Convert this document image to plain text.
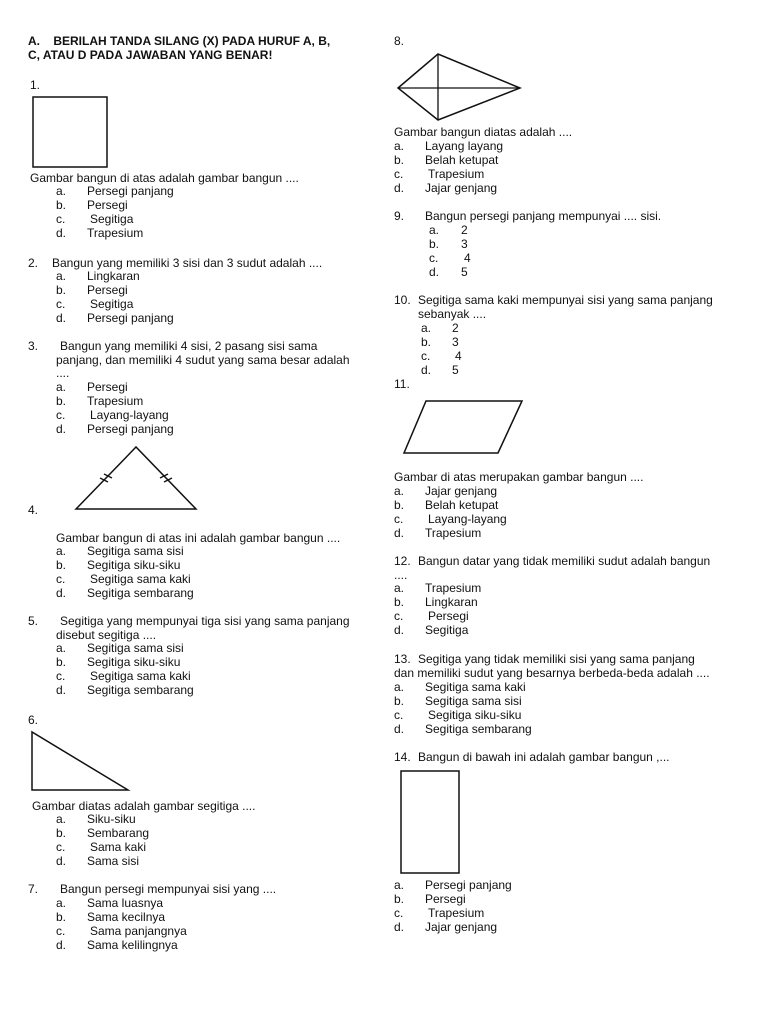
A.    BERILAH TANDA SILANG (X) PADA HURUF A, B,
C, ATAU D PADA JAWABAN YANG BENAR!
1.
Gambar bangun di atas adalah gambar bangun ....
a. Persegi panjang
b. Persegi
c. Segitiga
d. Trapesium
2. Bangun yang memiliki 3 sisi dan 3 sudut adalah ....
a. Lingkaran
b. Persegi
c. Segitiga
d. Persegi panjang
3. Bangun yang memiliki 4 sisi, 2 pasang sisi sama
panjang, dan memiliki 4 sudut yang sama besar adalah
....
a. Persegi
b. Trapesium
c. Layang-layang
d. Persegi panjang
4.
Gambar bangun di atas ini adalah gambar bangun ....
a. Segitiga sama sisi
b. Segitiga siku-siku
c. Segitiga sama kaki
d. Segitiga sembarang
5. Segitiga yang mempunyai tiga sisi yang sama panjang
disebut segitiga ....
a. Segitiga sama sisi
b. Segitiga siku-siku
c. Segitiga sama kaki
d. Segitiga sembarang
6.
Gambar diatas adalah gambar segitiga ....
a. Siku-siku
b. Sembarang
c. Sama kaki
d. Sama sisi
7. Bangun persegi mempunyai sisi yang ....
a. Sama luasnya
b. Sama kecilnya
c. Sama panjangnya
d. Sama kelilingnya
8.
Gambar bangun diatas adalah ....
a. Layang layang
b. Belah ketupat
c. Trapesium
d. Jajar genjang
9. Bangun persegi panjang mempunyai .... sisi.
a. 2
b. 3
c. 4
d. 5
10. Segitiga sama kaki mempunyai sisi yang sama panjang
sebanyak ....
a. 2
b. 3
c. 4
d. 5
11.
Gambar di atas merupakan gambar bangun ....
a. Jajar genjang
b. Belah ketupat
c. Layang-layang
d. Trapesium
12. Bangun datar yang tidak memiliki sudut adalah bangun
....
a. Trapesium
b. Lingkaran
c. Persegi
d. Segitiga
13. Segitiga yang tidak memiliki sisi yang sama panjang
dan memiliki sudut yang besarnya berbeda-beda adalah ....
a. Segitiga sama kaki
b. Segitiga sama sisi
c. Segitiga siku-siku
d. Segitiga sembarang
14. Bangun di bawah ini adalah gambar bangun ,...
a. Persegi panjang
b. Persegi
c. Trapesium
d. Jajar genjang
